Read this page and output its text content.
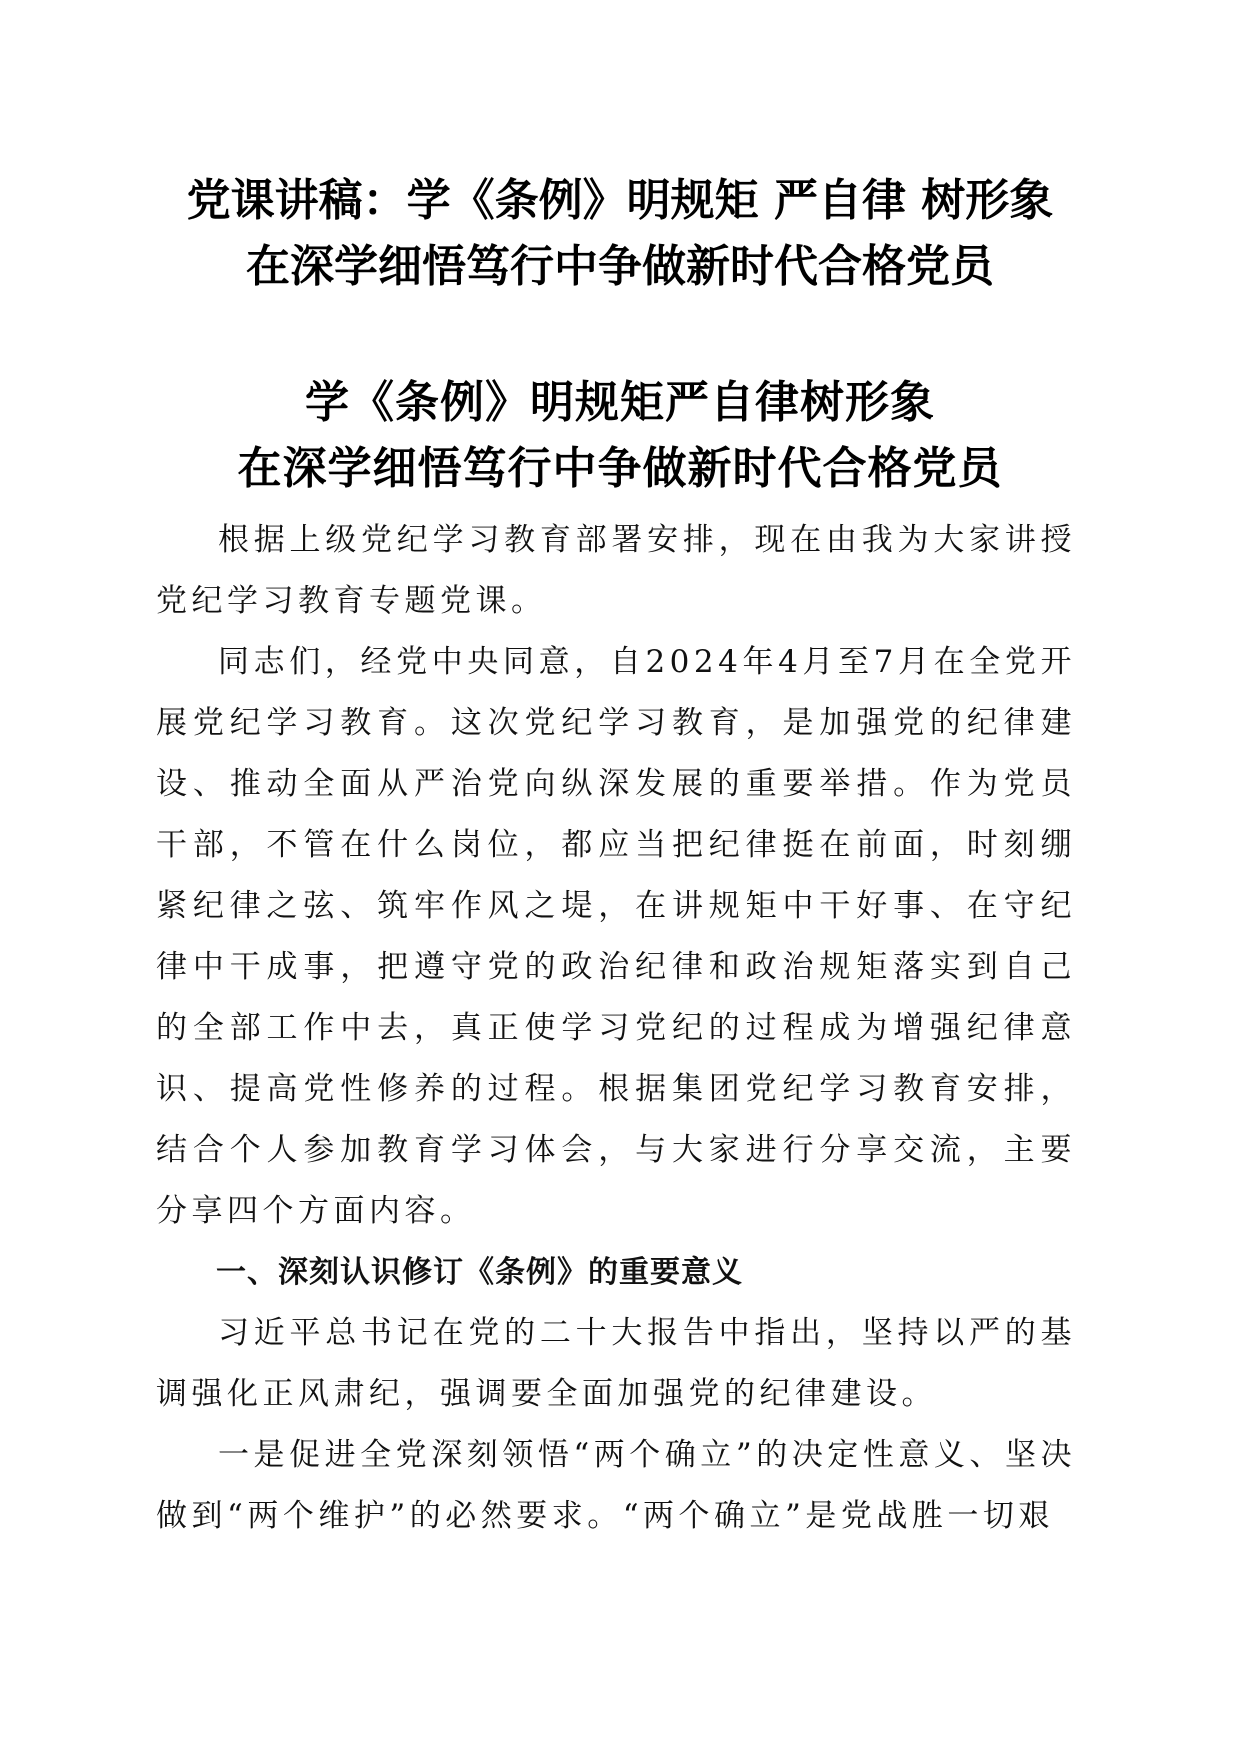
党课讲稿：学《条例》明规矩 严自律 树形象
在深学细悟笃行中争做新时代合格党员
学《条例》明规矩严自律树形象
在深学细悟笃行中争做新时代合格党员

根据上级党纪学习教育部署安排，现在由我为大家讲授党纪学习教育专题党课。

同志们，经党中央同意，自2024年4月至7月在全党开展党纪学习教育。这次党纪学习教育，是加强党的纪律建设、推动全面从严治党向纵深发展的重要举措。作为党员干部，不管在什么岗位，都应当把纪律挺在前面，时刻绷紧纪律之弦、筑牢作风之堤，在讲规矩中干好事、在守纪律中干成事，把遵守党的政治纪律和政治规矩落实到自己的全部工作中去，真正使学习党纪的过程成为增强纪律意识、提高党性修养的过程。根据集团党纪学习教育安排，结合个人参加教育学习体会，与大家进行分享交流，主要分享四个方面内容。

一、深刻认识修订《条例》的重要意义

习近平总书记在党的二十大报告中指出，坚持以严的基调强化正风肃纪，强调要全面加强党的纪律建设。

一是促进全党深刻领悟“两个确立”的决定性意义、坚决做到“两个维护”的必然要求。“两个确立”是党战胜一切艰
